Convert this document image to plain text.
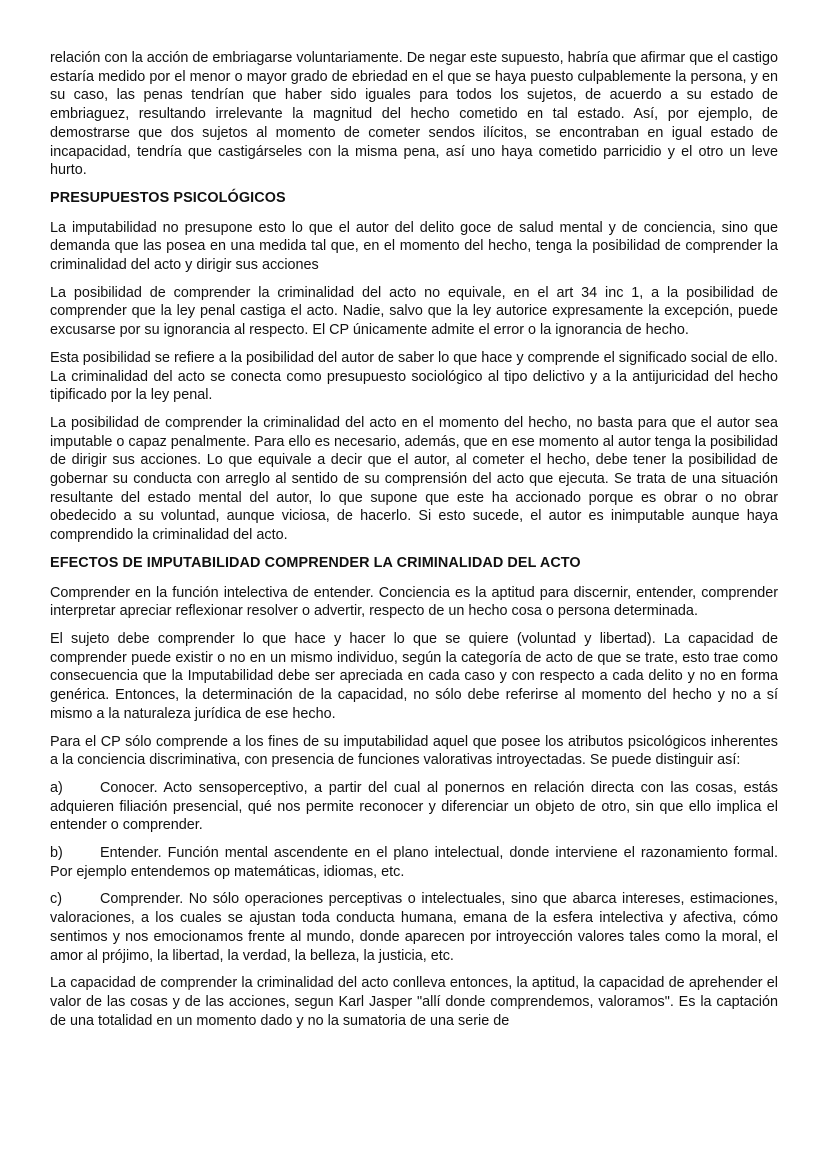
relación con la acción de embriagarse voluntariamente. De negar este supuesto, habría que afirmar que el castigo estaría medido por el menor o mayor grado de ebriedad en el que se haya puesto culpablemente la persona, y en su caso, las penas tendrían que haber sido iguales para todos los sujetos, de acuerdo a su estado de embriaguez, resultando irrelevante la magnitud del hecho cometido en tal estado. Así, por ejemplo, de demostrarse que dos sujetos al momento de cometer sendos ilícitos, se encontraban en igual estado de incapacidad, tendría que castigárseles con la misma pena, así uno haya cometido parricidio y el otro un leve hurto.

PRESUPUESTOS PSICOLÓGICOS

La imputabilidad no presupone esto lo que el autor del delito goce de salud mental y de conciencia, sino que demanda que las posea en una medida tal que, en el momento del hecho, tenga la posibilidad de comprender la criminalidad del acto y dirigir sus acciones

La posibilidad de comprender la criminalidad del acto no equivale, en el art 34 inc 1, a la posibilidad de comprender que la ley penal castiga el acto. Nadie, salvo que la ley autorice expresamente la excepción, puede excusarse por su ignorancia al respecto. El CP únicamente admite el error o la ignorancia de hecho.

Esta posibilidad se refiere a la posibilidad del autor de saber lo que hace y comprende el significado social de ello. La criminalidad del acto se conecta como presupuesto sociológico al tipo delictivo y a la antijuricidad del hecho tipificado por la ley penal.

La posibilidad de comprender la criminalidad del acto en el momento del hecho, no basta para que el autor sea imputable o capaz penalmente. Para ello es necesario, además, que en ese momento al autor tenga la posibilidad de dirigir sus acciones. Lo que equivale a decir que el autor, al cometer el hecho, debe tener la posibilidad de gobernar su conducta con arreglo al sentido de su comprensión del acto que ejecuta. Se trata de una situación resultante del estado mental del autor, lo que supone que este ha accionado porque es obrar o no obrar obedecido a su voluntad, aunque viciosa, de hacerlo. Si esto sucede, el autor es inimputable aunque haya comprendido la criminalidad del acto.

EFECTOS DE IMPUTABILIDAD COMPRENDER LA CRIMINALIDAD DEL ACTO

Comprender en la función intelectiva de entender. Conciencia es la aptitud para discernir, entender, comprender interpretar apreciar reflexionar resolver o advertir, respecto de un hecho cosa o persona determinada.

El sujeto debe comprender lo que hace y hacer lo que se quiere (voluntad y libertad). La capacidad de comprender puede existir o no en un mismo individuo, según la categoría de acto de que se trate, esto trae como consecuencia que la Imputabilidad debe ser apreciada en cada caso y con respecto a cada delito y no en forma genérica. Entonces, la determinación de la capacidad, no sólo debe referirse al momento del hecho y no a sí mismo a la naturaleza jurídica de ese hecho.

Para el CP sólo comprende a los fines de su imputabilidad aquel que posee los atributos psicológicos inherentes a la conciencia discriminativa, con presencia de funciones valorativas introyectadas. Se puede distinguir así:

a)	Conocer. Acto sensoperceptivo, a partir del cual al ponernos en relación directa con las cosas, estás adquieren filiación presencial, qué nos permite reconocer y diferenciar un objeto de otro, sin que ello implica el entender o comprender.
b)	Entender. Función mental ascendente en el plano intelectual, donde interviene el razonamiento formal. Por ejemplo entendemos op matemáticas, idiomas, etc.
c)	Comprender. No sólo operaciones perceptivas o intelectuales, sino que abarca intereses, estimaciones, valoraciones, a los cuales se ajustan toda conducta humana, emana de la esfera intelectiva y afectiva, cómo sentimos y nos emocionamos frente al mundo, donde aparecen por introyección valores tales como la moral, el amor al prójimo, la libertad, la verdad, la belleza, la justicia, etc.

La capacidad de comprender la criminalidad del acto conlleva entonces, la aptitud, la capacidad de aprehender el valor de las cosas y de las acciones, segun Karl Jasper "allí donde comprendemos, valoramos". Es la captación de una totalidad en un momento dado y no la sumatoria de una serie de
